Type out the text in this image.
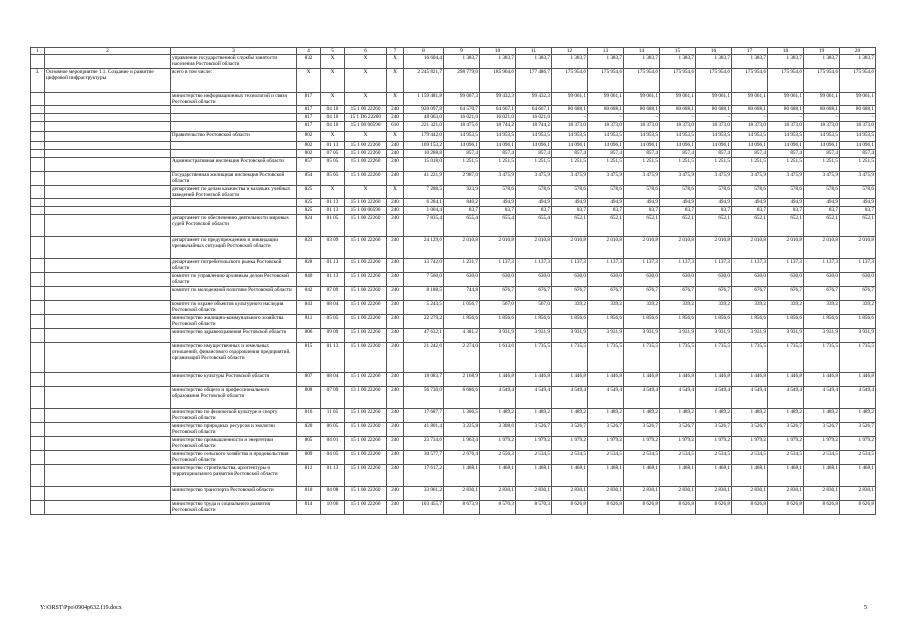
1	2	3	4	5	6	7	8	9	10	11	12	13	14	15	16	17	18	19	20
		управление государственной службы занятости населения Ростовской области	832	X	X	X	16 604,4	1 383,7	1 383,7	1 383,7	1 383,7	1 383,7	1 383,7	1 383,7	1 383,7	1 383,7	1 383,7	1 383,7	1 383,7
3.	Основное мероприятие 1.1. Создание и развитие цифровой инфраструктуры	всего в том числе:	X	X	X	X	2 245 821,7	298 779,0	185 964,6	177 486,7	175 954,6	175 954,6	175 954,6	175 954,6	175 954,6	175 954,6	175 954,6	175 954,6	175 954,6
		министерство информационных технологий и связи Ростовской области	817	X	X	X	1 159 481,8	99 067,3	99 432,3	99 432,3	99 061,1	99 061,1	99 061,1	99 061,1	99 061,1	99 061,1	99 061,1	99 061,1	99 061,1
			817	04 10	15 1 00 22260	240	920 097,8	64 570,7	64 667,1	64 667,1	80 688,1	80 688,1	80 688,1	80 688,1	80 688,1	80 688,1	80 688,1	80 688,1	80 688,1
			817	04 10	15 1 D6 22260	240	48 063,0	16 021,0	16 021,0	16 021,0	–	–	–	–	–	–	–	–	–
			817	04 10	15 1 00 00590	610	221 321,0	18 475,6	18 744,2	18 744,2	18 373,0	18 373,0	18 373,0	18 373,0	18 373,0	18 373,0	18 373,0	18 373,0	18 373,0
		Правительство Ростовской области	802	X	X	X	179 442,0	14 953,5	14 953,5	14 953,5	14 953,5	14 953,5	14 953,5	14 953,5	14 953,5	14 953,5	14 953,5	14 953,5	14 953,5
			802	01 13	15 1 00 22260	240	169 153,2	14 096,1	14 096,1	14 096,1	14 096,1	14 096,1	14 096,1	14 096,1	14 096,1	14 096,1	14 096,1	14 096,1	14 096,1
			802	07 05	15 1 00 22260	240	10 288,8	857,4	857,4	857,4	857,4	857,4	857,4	857,4	857,4	857,4	857,4	857,4	857,4
		Административная инспекция Ростовской области	857	05 05	15 1 00 22260	240	15 018,0	1 251,5	1 251,5	1 251,5	1 251,5	1 251,5	1 251,5	1 251,5	1 251,5	1 251,5	1 251,5	1 251,5	1 251,5
		Государственная жилищная инспекция Ростовской области	854	05 05	15 1 00 22260	240	41 221,9	2 987,0	3 475,9	3 475,9	3 475,9	3 475,9	3 475,9	3 475,9	3 475,9	3 475,9	3 475,9	3 475,9	3 475,9
		департамент по делам казачества и казачьих учебных заведений Ростовской области	825	X	X	X	7 288,5	923,9	578,6	578,6	578,6	578,6	578,6	578,6	578,6	578,6	578,6	578,6	578,6
			825	01 13	15 1 00 22260	240	6 284,1	840,2	494,9	494,9	494,9	494,9	494,9	494,9	494,9	494,9	494,9	494,9	494,9
			825	01 13	15 1 00 00590	240	1 004,4	83,7	83,7	83,7	83,7	83,7	83,7	83,7	83,7	83,7	83,7	83,7	83,7
		департамент по обеспечению деятельности мировых судей Ростовской области	824	01 05	15 1 00 22260	240	7 835,4	655,4	655,4	655,4	652,1	652,1	652,1	652,1	652,1	652,1	652,1	652,1	652,1
		департамент по предупреждению и ликвидации чрезвычайных ситуаций Ростовской области	823	03 09	15 1 00 22260	240	24 129,6	2 010,8	2 010,8	2 010,8	2 010,8	2 010,8	2 010,8	2 010,8	2 010,8	2 010,8	2 010,8	2 010,8	2 010,8
		департамент потребительского рынка Ростовской области	828	01 13	15 1 00 22260	240	13 742,0	1 231,7	1 137,3	1 137,3	1 137,3	1 137,3	1 137,3	1 137,3	1 137,3	1 137,3	1 137,3	1 137,3	1 137,3
		комитет по управлению архивным делом Ростовской области	840	01 13	15 1 00 22260	240	7 560,0	630,0	630,0	630,0	630,0	630,0	630,0	630,0	630,0	630,0	630,0	630,0	630,0
		комитет по молодежной политике Ростовской области	842	07 09	15 1 00 22260	240	8 188,5	744,8	676,7	676,7	676,7	676,7	676,7	676,7	676,7	676,7	676,7	676,7	676,7
		комитет по охране объектов культурного наследия Ростовской области	843	08 04	15 1 00 22260	240	5 243,5	1 056,7	567,0	567,0	339,2	339,2	339,2	339,2	339,2	339,2	339,2	339,2	339,2
		министерство жилищно-коммунального хозяйства Ростовской области	811	05 05	15 1 00 22260	240	22 279,2	1 856,6	1 856,6	1 856,6	1 856,6	1 856,6	1 856,6	1 856,6	1 856,6	1 856,6	1 856,6	1 856,6	1 856,6
		министерство здравоохранения Ростовской области	806	09 09	15 1 00 22260	240	47 632,1	4 381,2	3 931,9	3 931,9	3 931,9	3 931,9	3 931,9	3 931,9	3 931,9	3 931,9	3 931,9	3 931,9	3 931,9
		министерство имущественных и земельных отношений, финансового оздоровления предприятий, организаций Ростовской области	815	01 13	15 1 00 22260	240	21 242,6	2 274,0	1 613,6	1 735,5	1 735,5	1 735,5	1 735,5	1 735,5	1 735,5	1 735,5	1 735,5	1 735,5	1 735,5
		министерство культуры Ростовской области	807	08 04	15 1 00 22260	240	18 083,7	2 168,9	1 446,8	1 446,8	1 446,8	1 446,8	1 446,8	1 446,8	1 446,8	1 446,8	1 446,8	1 446,8	1 446,8
		министерство общего и профессионального образования Ростовской области	808	07 09	13 1 00 22260	240	56 730,0	6 686,6	4 549,4	4 549,4	4 549,4	4 549,4	4 549,4	4 549,4	4 549,4	4 549,4	4 549,4	4 549,4	4 549,4
		министерство по физической культуре и спорту Ростовской области	816	11 05	15 1 00 22260	240	17 687,7	1 306,5	1 489,2	1 489,2	1 489,2	1 489,2	1 489,2	1 489,2	1 489,2	1 489,2	1 489,2	1 489,2	1 489,2
		министерство природных ресурсов и экологии Ростовской области	820	06 05	15 1 00 22260	240	41 801,4	3 225,8	3 308,6	3 526,7	3 526,7	3 526,7	3 526,7	3 526,7	3 526,7	3 526,7	3 526,7	3 526,7	3 526,7
		министерство промышленности и энергетики Ростовской области	805	04 01	15 1 00 22260	240	23 734,6	1 963,4	1 979,2	1 979,2	1 979,2	1 979,2	1 979,2	1 979,2	1 979,2	1 979,2	1 979,2	1 979,2	1 979,2
		министерство сельского хозяйства и продовольствия Ростовской области	809	04 05	15 1 00 22260	240	30 577,7	2 676,4	2 556,3	2 534,5	2 534,5	2 534,5	2 534,5	2 534,5	2 534,5	2 534,5	2 534,5	2 534,5	2 534,5
		министерство строительства, архитектуры и территориального развития Ростовской области	812	01 13	15 1 00 22260	240	17 617,2	1 468,1	1 468,1	1 468,1	1 468,1	1 468,1	1 468,1	1 468,1	1 468,1	1 468,1	1 468,1	1 468,1	1 468,1
		министерство транспорта Ростовской области	810	04 08	15 1 00 22260	240	33 961,2	2 830,1	2 830,1	2 830,1	2 830,1	2 830,1	2 830,1	2 830,1	2 830,1	2 830,1	2 830,1	2 830,1	2 830,1
		министерство труда и социального развития Ростовской области	814	10 06	15 1 00 22260	240	103 455,7	8 673,9	8 570,3	8 570,3	8 626,8	8 626,8	8 626,8	8 626,8	8 626,8	8 626,8	8 626,8	8 626,8	8 626,8
Y:\ORST\Ppo\0904p632.f19.docx	5
